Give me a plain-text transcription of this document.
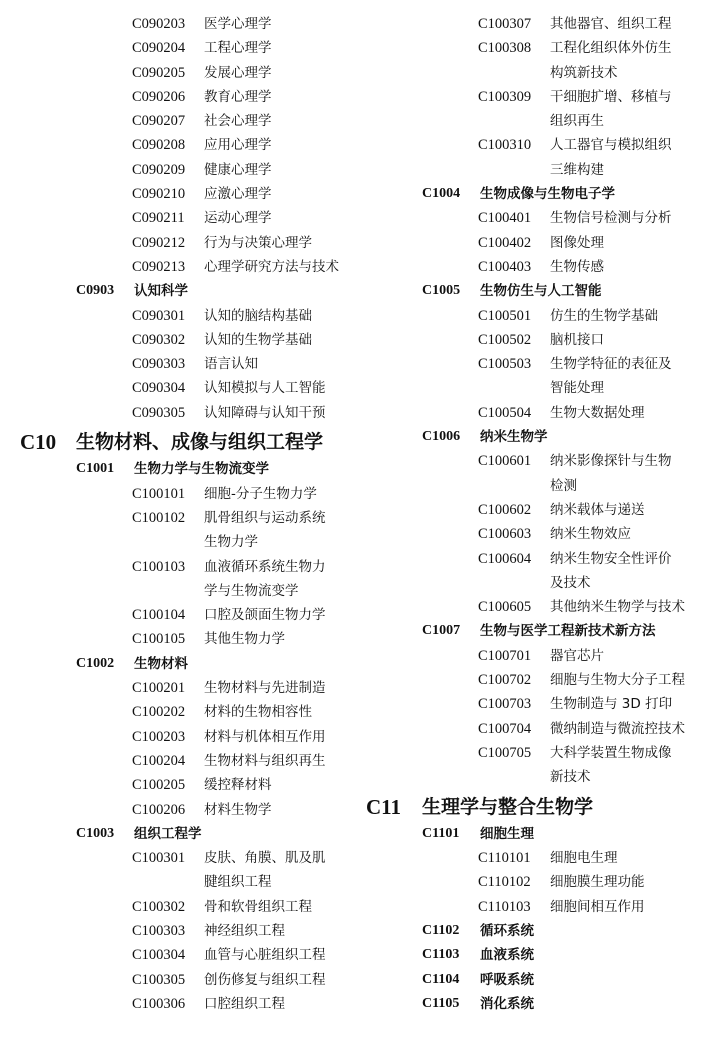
C090203	医学心理学
C090204	工程心理学
C090205	发展心理学
C090206	教育心理学
C090207	社会心理学
C090208	应用心理学
C090209	健康心理学
C090210	应激心理学
C090211	运动心理学
C090212	行为与决策心理学
C090213	心理学研究方法与技术
C0903	认知科学
C090301	认知的脑结构基础
C090302	认知的生物学基础
C090303	语言认知
C090304	认知模拟与人工智能
C090305	认知障碍与认知干预
C10	生物材料、成像与组织工程学
C1001	生物力学与生物流变学
C100101	细胞-分子生物力学
C100102	肌骨组织与运动系统
生物力学
C100103	血液循环系统生物力
学与生物流变学
C100104	口腔及颌面生物力学
C100105	其他生物力学
C1002	生物材料
C100201	生物材料与先进制造
C100202	材料的生物相容性
C100203	材料与机体相互作用
C100204	生物材料与组织再生
C100205	缓控释材料
C100206	材料生物学
C1003	组织工程学
C100301	皮肤、角膜、肌及肌
腱组织工程
C100302	骨和软骨组织工程
C100303	神经组织工程
C100304	血管与心脏组织工程
C100305	创伤修复与组织工程
C100306	口腔组织工程
C100307	其他器官、组织工程
C100308	工程化组织体外仿生
构筑新技术
C100309	干细胞扩增、移植与
组织再生
C100310	人工器官与模拟组织
三维构建
C1004	生物成像与生物电子学
C100401	生物信号检测与分析
C100402	图像处理
C100403	生物传感
C1005	生物仿生与人工智能
C100501	仿生的生物学基础
C100502	脑机接口
C100503	生物学特征的表征及
智能处理
C100504	生物大数据处理
C1006	纳米生物学
C100601	纳米影像探针与生物
检测
C100602	纳米载体与递送
C100603	纳米生物效应
C100604	纳米生物安全性评价
及技术
C100605	其他纳米生物学与技术
C1007	生物与医学工程新技术新方法
C100701	器官芯片
C100702	细胞与生物大分子工程
C100703	生物制造与 3D 打印
C100704	微纳制造与微流控技术
C100705	大科学装置生物成像
新技术
C11	生理学与整合生物学
C1101	细胞生理
C110101	细胞电生理
C110102	细胞膜生理功能
C110103	细胞间相互作用
C1102	循环系统
C1103	血液系统
C1104	呼吸系统
C1105	消化系统
